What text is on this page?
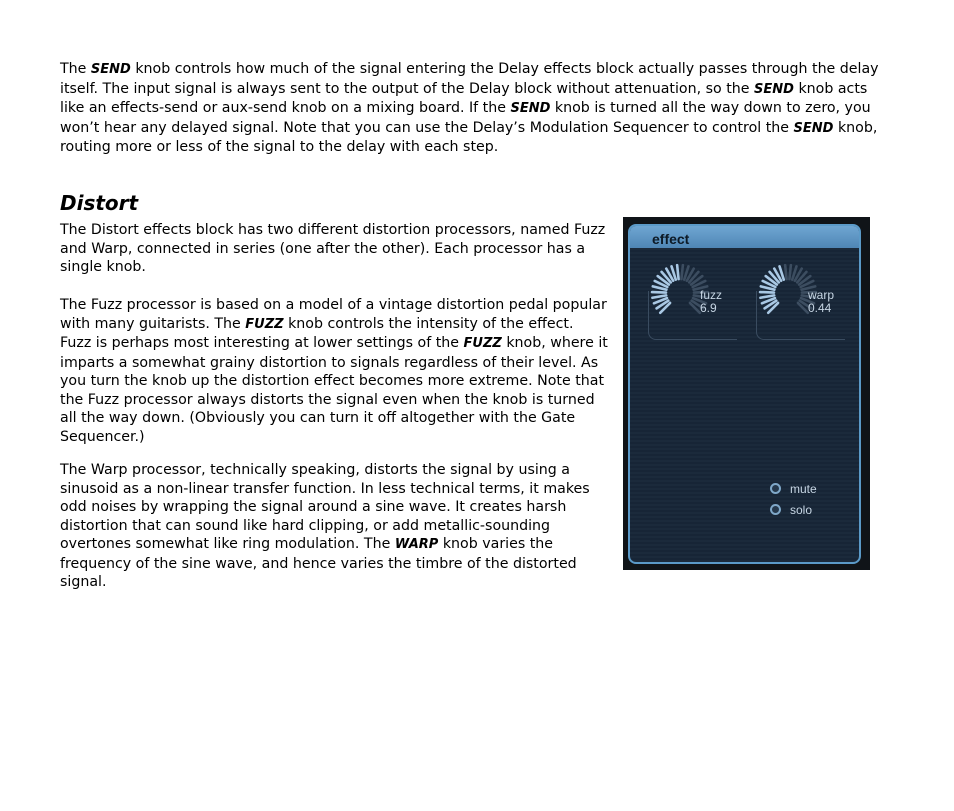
The SEND knob controls how much of the signal entering the Delay effects block actually passes through the delay itself. The input signal is always sent to the output of the Delay block without attenuation, so the SEND knob acts like an effects-send or aux-send knob on a mixing board. If the SEND knob is turned all the way down to zero, you won’t hear any delayed signal. Note that you can use the Delay’s Modulation Sequencer to control the SEND knob, routing more or less of the signal to the delay with each step.

Distort

The Distort effects block has two different distortion processors, named Fuzz and Warp, connected in series (one after the other). Each processor has a single knob.

The Fuzz processor is based on a model of a vintage distortion pedal popular with many guitarists. The FUZZ knob controls the intensity of the effect. Fuzz is perhaps most interesting at lower settings of the FUZZ knob, where it imparts a somewhat grainy distortion to signals regardless of their level. As you turn the knob up the distortion effect becomes more extreme. Note that the Fuzz processor always distorts the signal even when the knob is turned all the way down. (Obviously you can turn it off altogether with the Gate Sequencer.)

The Warp processor, technically speaking, distorts the signal by using a sinusoid as a non-linear transfer function. In less technical terms, it makes odd noises by wrapping the signal around a sine wave. It creates harsh distortion that can sound like hard clipping, or add metallic-sounding overtones somewhat like ring modulation. The WARP knob varies the frequency of the sine wave, and hence varies the timbre of the distorted signal.

effect
fuzz
6.9
warp
0.44
mute
solo
